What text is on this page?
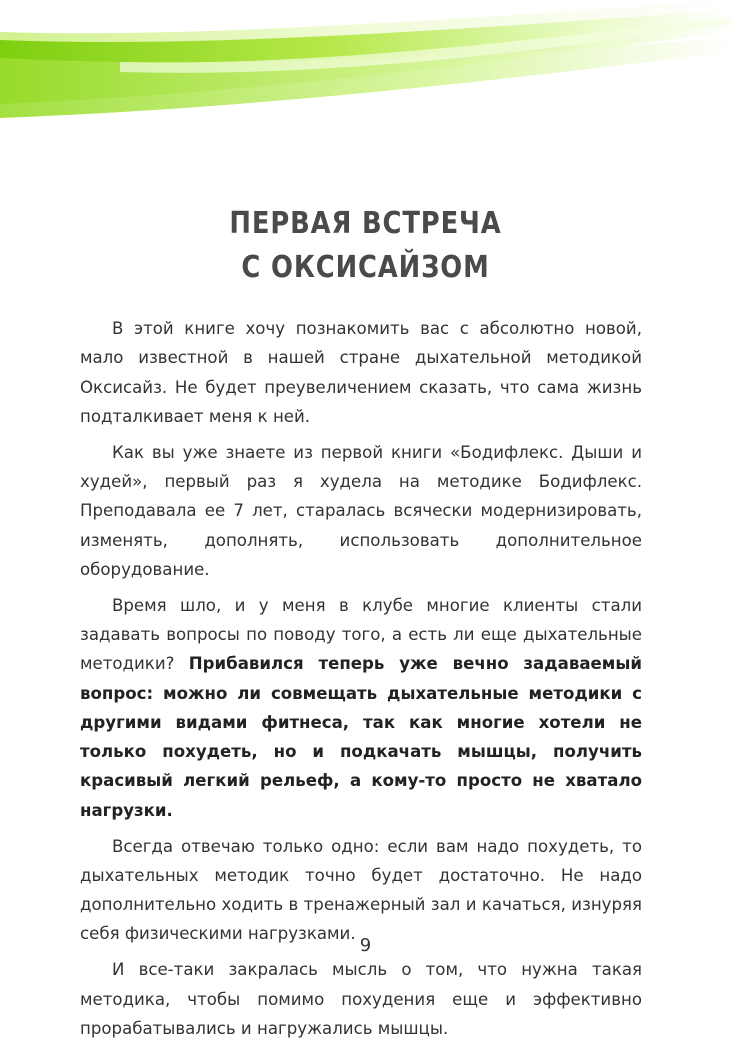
ПЕРВАЯ ВСТРЕЧА
С ОКСИСАЙЗОМ

В этой книге хочу познакомить вас с абсолютно новой, мало известной в нашей стране дыхательной методикой Оксисайз. Не будет преувеличением сказать, что сама жизнь подталкивает меня к ней.

Как вы уже знаете из первой книги «Бодифлекс. Дыши и худей», первый раз я худела на методике Бодифлекс. Преподавала ее 7 лет, старалась всячески модернизировать, изменять, дополнять, использовать дополнительное оборудование.

Время шло, и у меня в клубе многие клиенты стали задавать вопросы по поводу того, а есть ли еще дыхательные методики? Прибавился теперь уже вечно задаваемый вопрос: можно ли совмещать дыхательные методики с другими видами фитнеса, так как многие хотели не только похудеть, но и подкачать мышцы, получить красивый легкий рельеф, а кому-то просто не хватало нагрузки.

Всегда отвечаю только одно: если вам надо похудеть, то дыхательных методик точно будет достаточно. Не надо дополнительно ходить в тренажерный зал и качаться, изнуряя себя физическими нагрузками.

И все-таки закралась мысль о том, что нужна такая методика, чтобы помимо похудения еще и эффективно прорабатывались и нагружались мышцы.

9
